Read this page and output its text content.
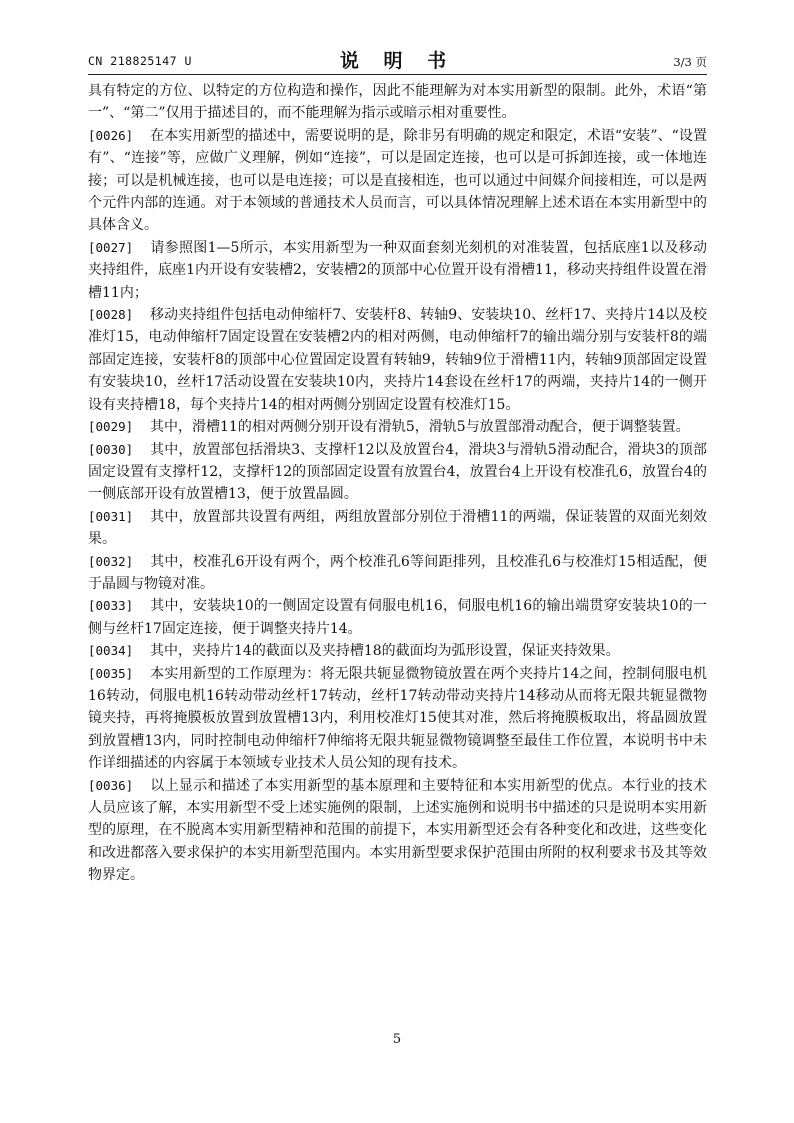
CN 218825147 U	说 明 书	3/3 页

具有特定的方位、以特定的方位构造和操作，因此不能理解为对本实用新型的限制。此外，术语“第一”、“第二”仅用于描述目的，而不能理解为指示或暗示相对重要性。

[0026] 在本实用新型的描述中，需要说明的是，除非另有明确的规定和限定，术语“安装”、“设置有”、“连接”等，应做广义理解，例如“连接”，可以是固定连接，也可以是可拆卸连接，或一体地连接；可以是机械连接，也可以是电连接；可以是直接相连，也可以通过中间媒介间接相连，可以是两个元件内部的连通。对于本领域的普通技术人员而言，可以具体情况理解上述术语在本实用新型中的具体含义。

[0027] 请参照图1—5所示，本实用新型为一种双面套刻光刻机的对准装置，包括底座1以及移动夹持组件，底座1内开设有安装槽2，安装槽2的顶部中心位置开设有滑槽11，移动夹持组件设置在滑槽11内；

[0028] 移动夹持组件包括电动伸缩杆7、安装杆8、转轴9、安装块10、丝杆17、夹持片14以及校准灯15，电动伸缩杆7固定设置在安装槽2内的相对两侧，电动伸缩杆7的输出端分别与安装杆8的端部固定连接，安装杆8的顶部中心位置固定设置有转轴9，转轴9位于滑槽11内，转轴9顶部固定设置有安装块10，丝杆17活动设置在安装块10内，夹持片14套设在丝杆17的两端，夹持片14的一侧开设有夹持槽18，每个夹持片14的相对两侧分别固定设置有校准灯15。

[0029] 其中，滑槽11的相对两侧分别开设有滑轨5，滑轨5与放置部滑动配合，便于调整装置。

[0030] 其中，放置部包括滑块3、支撑杆12以及放置台4，滑块3与滑轨5滑动配合，滑块3的顶部固定设置有支撑杆12，支撑杆12的顶部固定设置有放置台4，放置台4上开设有校准孔6，放置台4的一侧底部开设有放置槽13，便于放置晶圆。

[0031] 其中，放置部共设置有两组，两组放置部分别位于滑槽11的两端，保证装置的双面光刻效果。

[0032] 其中，校准孔6开设有两个，两个校准孔6等间距排列，且校准孔6与校准灯15相适配，便于晶圆与物镜对准。

[0033] 其中，安装块10的一侧固定设置有伺服电机16，伺服电机16的输出端贯穿安装块10的一侧与丝杆17固定连接，便于调整夹持片14。

[0034] 其中，夹持片14的截面以及夹持槽18的截面均为弧形设置，保证夹持效果。

[0035] 本实用新型的工作原理为：将无限共轭显微物镜放置在两个夹持片14之间，控制伺服电机16转动，伺服电机16转动带动丝杆17转动，丝杆17转动带动夹持片14移动从而将无限共轭显微物镜夹持，再将掩膜板放置到放置槽13内，利用校准灯15使其对准，然后将掩膜板取出，将晶圆放置到放置槽13内，同时控制电动伸缩杆7伸缩将无限共轭显微物镜调整至最佳工作位置，本说明书中未作详细描述的内容属于本领域专业技术人员公知的现有技术。

[0036] 以上显示和描述了本实用新型的基本原理和主要特征和本实用新型的优点。本行业的技术人员应该了解，本实用新型不受上述实施例的限制，上述实施例和说明书中描述的只是说明本实用新型的原理，在不脱离本实用新型精神和范围的前提下，本实用新型还会有各种变化和改进，这些变化和改进都落入要求保护的本实用新型范围内。本实用新型要求保护范围由所附的权利要求书及其等效物界定。

5
